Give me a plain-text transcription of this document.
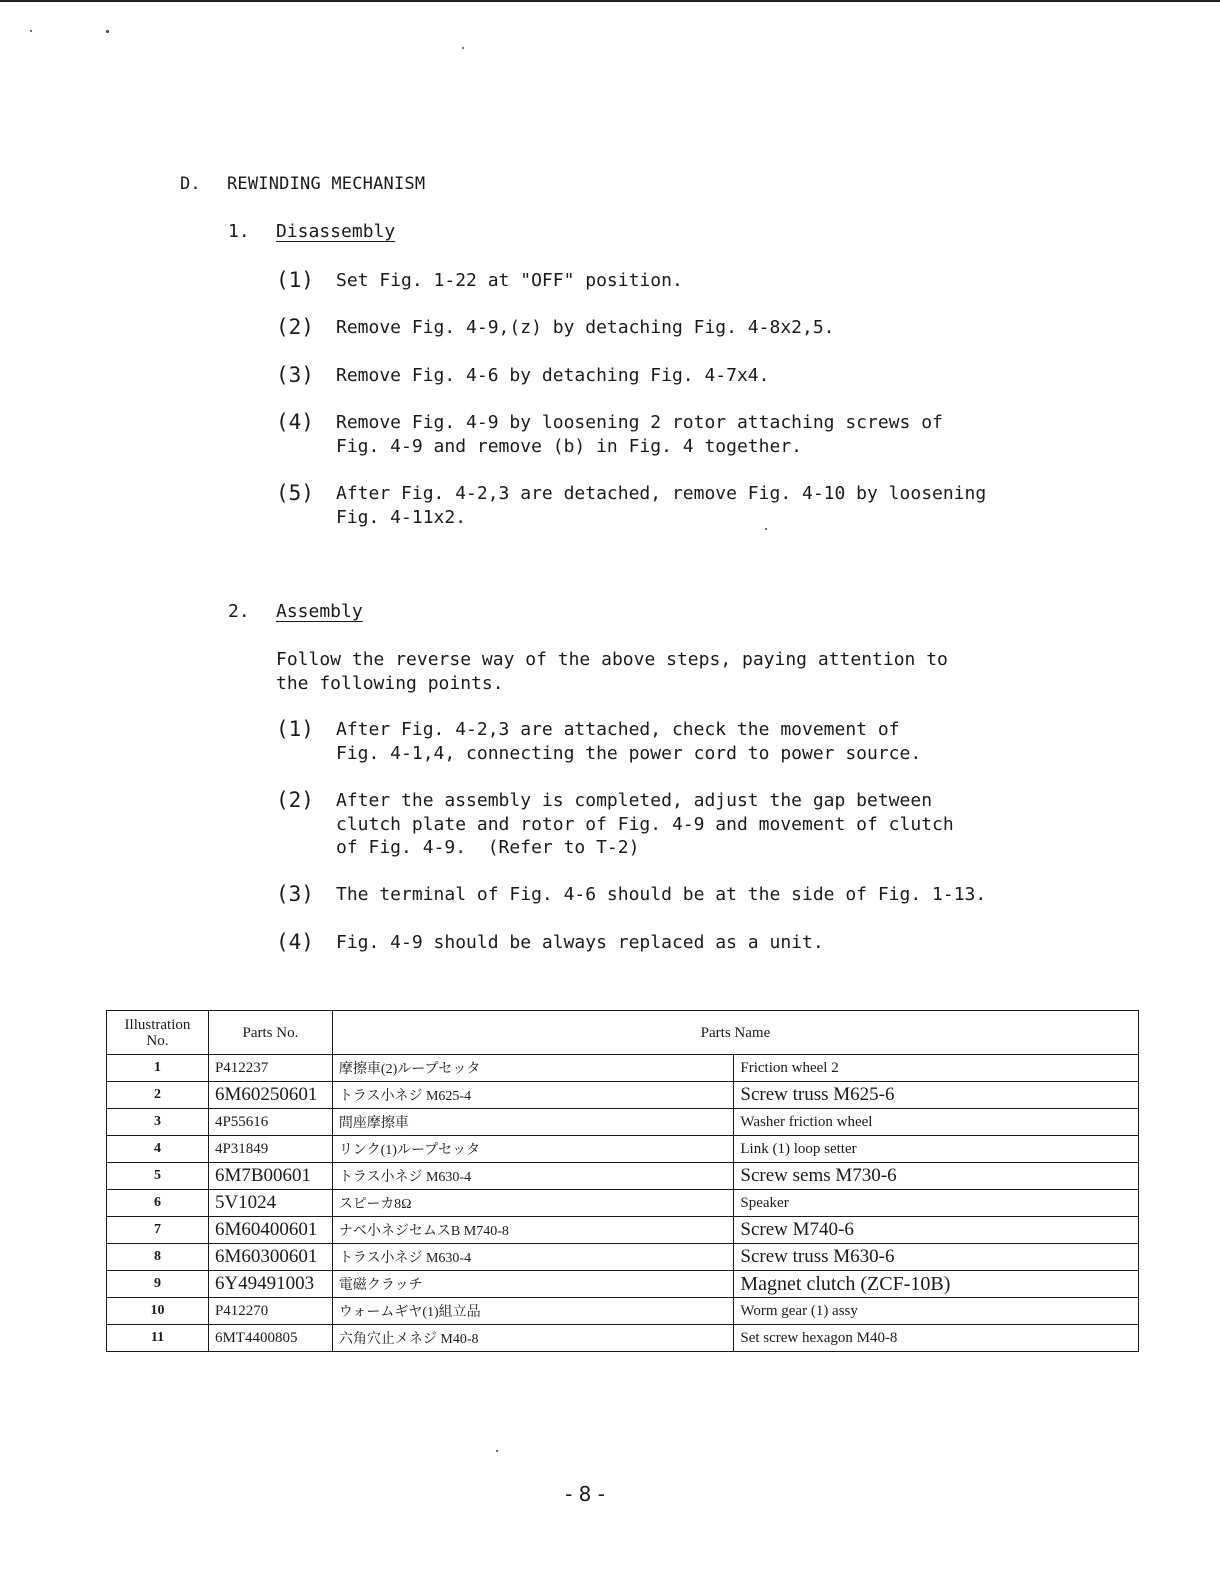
D. REWINDING MECHANISM
1. Disassembly
(1) Set Fig. 1-22 at "OFF" position.
(2) Remove Fig. 4-9,(z) by detaching Fig. 4-8x2,5.
(3) Remove Fig. 4-6 by detaching Fig. 4-7x4.
(4) Remove Fig. 4-9 by loosening 2 rotor attaching screws of
Fig. 4-9 and remove (b) in Fig. 4 together.
(5) After Fig. 4-2,3 are detached, remove Fig. 4-10 by loosening
Fig. 4-11x2.
2. Assembly
Follow the reverse way of the above steps, paying attention to
the following points.
(1) After Fig. 4-2,3 are attached, check the movement of
Fig. 4-1,4, connecting the power cord to power source.
(2) After the assembly is completed, adjust the gap between
clutch plate and rotor of Fig. 4-9 and movement of clutch
of Fig. 4-9.  (Refer to T-2)
(3) The terminal of Fig. 4-6 should be at the side of Fig. 1-13.
(4) Fig. 4-9 should be always replaced as a unit.
Illustration
No.	Parts No.	Parts Name	
1	P412237	摩擦車(2)ループセッタ	Friction wheel 2
2	6M60250601	トラス小ネジ M625-4	Screw truss M625-6
3	4P55616	間座摩擦車	Washer friction wheel
4	4P31849	リンク(1)ループセッタ	Link (1) loop setter
5	6M7B00601	トラス小ネジ M630-4	Screw sems M730-6
6	5V1024	スピーカ8Ω	Speaker
7	6M60400601	ナベ小ネジセムスB M740-8	Screw M740-6
8	6M60300601	トラス小ネジ M630-4	Screw truss M630-6
9	6Y49491003	電磁クラッチ	Magnet clutch (ZCF-10B)
10	P412270	ウォームギヤ(1)組立品	Worm gear (1) assy
11	6MT4400805	六角穴止メネジ M40-8	Set screw hexagon M40-8
- 8 -
